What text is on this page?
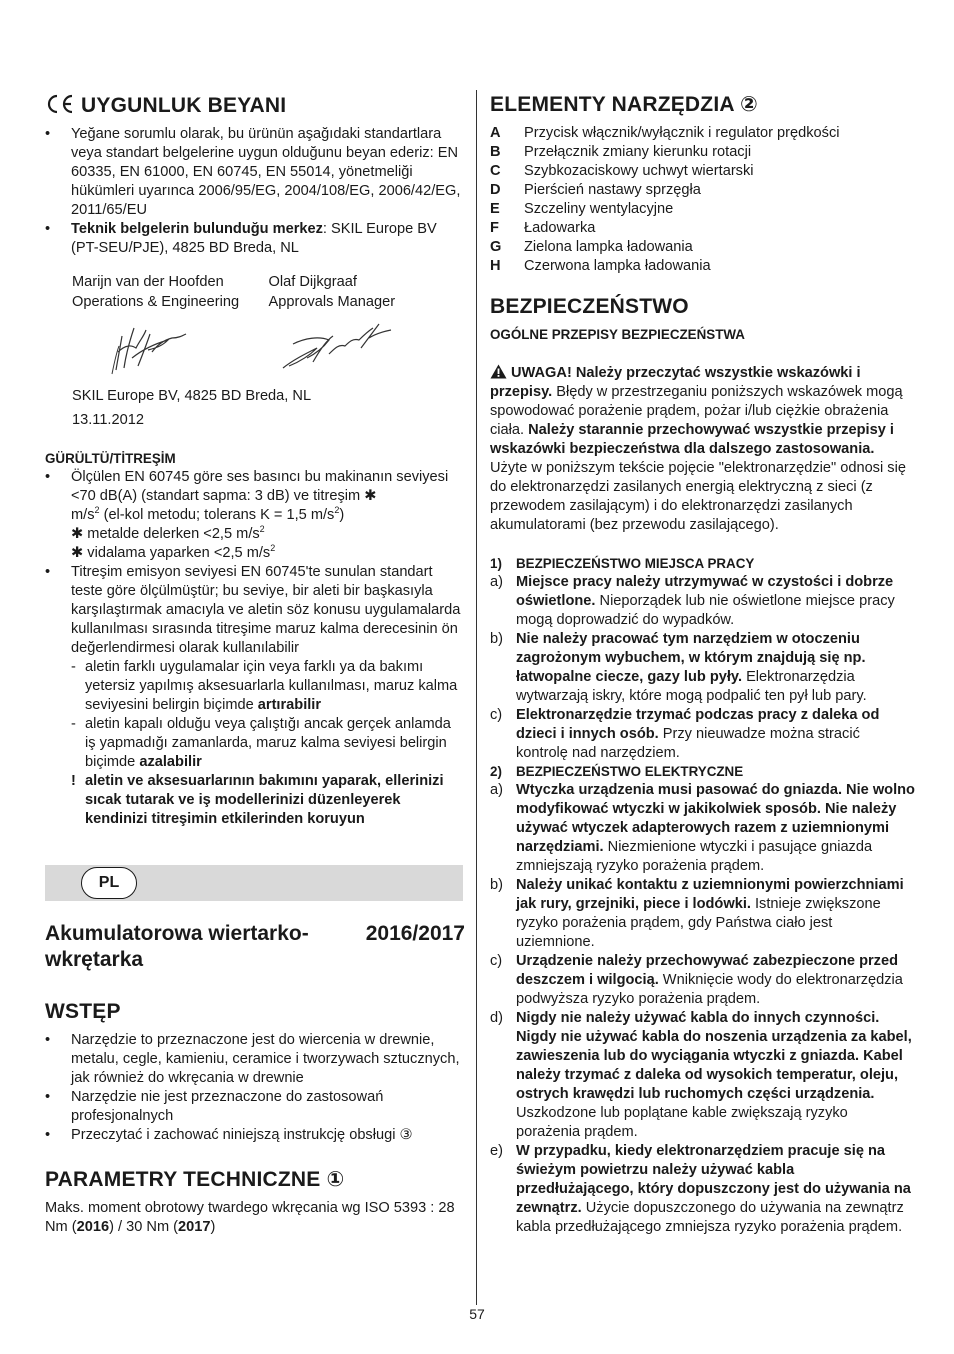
UYGUNLUK BEYANI
• Yeğane sorumlu olarak, bu ürünün aşağıdaki standartlara veya standart belgelerine uygun olduğunu beyan ederiz: EN 60335, EN 61000, EN 60745, EN 55014, yönetmeliği hükümleri uyarınca 2006/95/EG, 2004/108/EG, 2006/42/EG, 2011/65/EU
• Teknik belgelerin bulunduğu merkez: SKIL Europe BV (PT-SEU/PJE), 4825 BD Breda, NL
Marijn van der Hoofden
Operations & Engineering
Olaf Dijkgraaf
Approvals Manager
SKIL Europe BV, 4825 BD Breda, NL
13.11.2012
GÜRÜLTÜ/TİTREŞİM
• Ölçülen EN 60745 göre ses basıncı bu makinanın seviyesi <70 dB(A) (standart sapma: 3 dB) ve titreşim ✱
$m/s^2$ (el-kol metodu; tolerans K = 1,5 $m/s^2$)
✱ metalde delerken <2,5 $m/s^2$
✱ vidalama yaparken <2,5 $m/s^2$
• Titreşim emisyon seviyesi EN 60745'te sunulan standart teste göre ölçülmüştür; bu seviye, bir aleti bir başkasıyla karşılaştırmak amacıyla ve aletin söz konusu uygulamalarda kullanılması sırasında titreşime maruz kalma derecesinin ön değerlendirmesi olarak kullanılabilir
- aletin farklı uygulamalar için veya farklı ya da bakımı yetersiz yapılmış aksesuarlarla kullanılması, maruz kalma seviyesini belirgin biçimde artırabilir
- aletin kapalı olduğu veya çalıştığı ancak gerçek anlamda iş yapmadığı zamanlarda, maruz kalma seviyesi belirgin biçimde azalabilir
! aletin ve aksesuarlarının bakımını yaparak, ellerinizi sıcak tutarak ve iş modellerinizi düzenleyerek kendinizi titreşimin etkilerinden koruyun
PL
Akumulatorowa wiertarko-
wkrętarka
2016/2017
WSTĘP
• Narzędzie to przeznaczone jest do wiercenia w drewnie, metalu, cegle, kamieniu, ceramice i tworzywach sztucznych, jak również do wkręcania w drewnie
• Narzędzie nie jest przeznaczone do zastosowań profesjonalnych
• Przeczytać i zachować niniejszą instrukcję obsługi ③
PARAMETRY TECHNICZNE ①

Maks. moment obrotowy twardego wkręcania wg ISO 5393 : 28 Nm (2016) / 30 Nm (2017)

ELEMENTY NARZĘDZIA ②
A Przycisk włącznik/wyłącznik i regulator prędkości
B Przełącznik zmiany kierunku rotacji
C Szybkozaciskowy uchwyt wiertarski
D Pierścień nastawy sprzęgła
E Szczeliny wentylacyjne
F Ładowarka
G Zielona lampka ładowania
H Czerwona lampka ładowania
BEZPIECZEŃSTWO
OGÓLNE PRZEPISY BEZPIECZEŃSTWA

UWAGA! Należy przeczytać wszystkie wskazówki i przepisy. Błędy w przestrzeganiu poniższych wskazówek mogą spowodować porażenie prądem, pożar i/lub ciężkie obrażenia ciała. Należy starannie przechowywać wszystkie przepisy i wskazówki bezpieczeństwa dla dalszego zastosowania. Użyte w poniższym tekście pojęcie "elektronarzędzie" odnosi się do elektronarzędzi zasilanych energią elektryczną z sieci (z przewodem zasilającym) i do elektronarzędzi zasilanych akumulatorami (bez przewodu zasilającego).

1) BEZPIECZEŃSTWO MIEJSCA PRACY
a) Miejsce pracy należy utrzymywać w czystości i dobrze oświetlone. Nieporządek lub nie oświetlone miejsce pracy mogą doprowadzić do wypadków.
b) Nie należy pracować tym narzędziem w otoczeniu zagrożonym wybuchem, w którym znajdują się np. łatwopalne ciecze, gazy lub pyły. Elektronarzędzia wytwarzają iskry, które mogą podpalić ten pył lub pary.
c) Elektronarzędzie trzymać podczas pracy z daleka od dzieci i innych osób. Przy nieuwadze można stracić kontrolę nad narzędziem.
2) BEZPIECZEŃSTWO ELEKTRYCZNE
a) Wtyczka urządzenia musi pasować do gniazda. Nie wolno modyfikować wtyczki w jakikolwiek sposób. Nie należy używać wtyczek adapterowych razem z uziemnionymi narzędziami. Niezmienione wtyczki i pasujące gniazda zmniejszają ryzyko porażenia prądem.
b) Należy unikać kontaktu z uziemnionymi powierzchniami jak rury, grzejniki, piece i lodówki. Istnieje zwiększone ryzyko porażenia prądem, gdy Państwa ciało jest uziemnione.
c) Urządzenie należy przechowywać zabezpieczone przed deszczem i wilgocią. Wniknięcie wody do elektronarzędzia podwyższa ryzyko porażenia prądem.
d) Nigdy nie należy używać kabla do innych czynności. Nigdy nie używać kabla do noszenia urządzenia za kabel, zawieszenia lub do wyciągania wtyczki z gniazda. Kabel należy trzymać z daleka od wysokich temperatur, oleju, ostrych krawędzi lub ruchomych części urządzenia. Uszkodzone lub poplątane kable zwiększają ryzyko porażenia prądem.
e) W przypadku, kiedy elektronarzędziem pracuje się na świeżym powietrzu należy używać kabla przedłużającego, który dopuszczony jest do używania na zewnątrz. Użycie dopuszczonego do używania na zewnątrz kabla przedłużającego zmniejsza ryzyko porażenia prądem.
57
